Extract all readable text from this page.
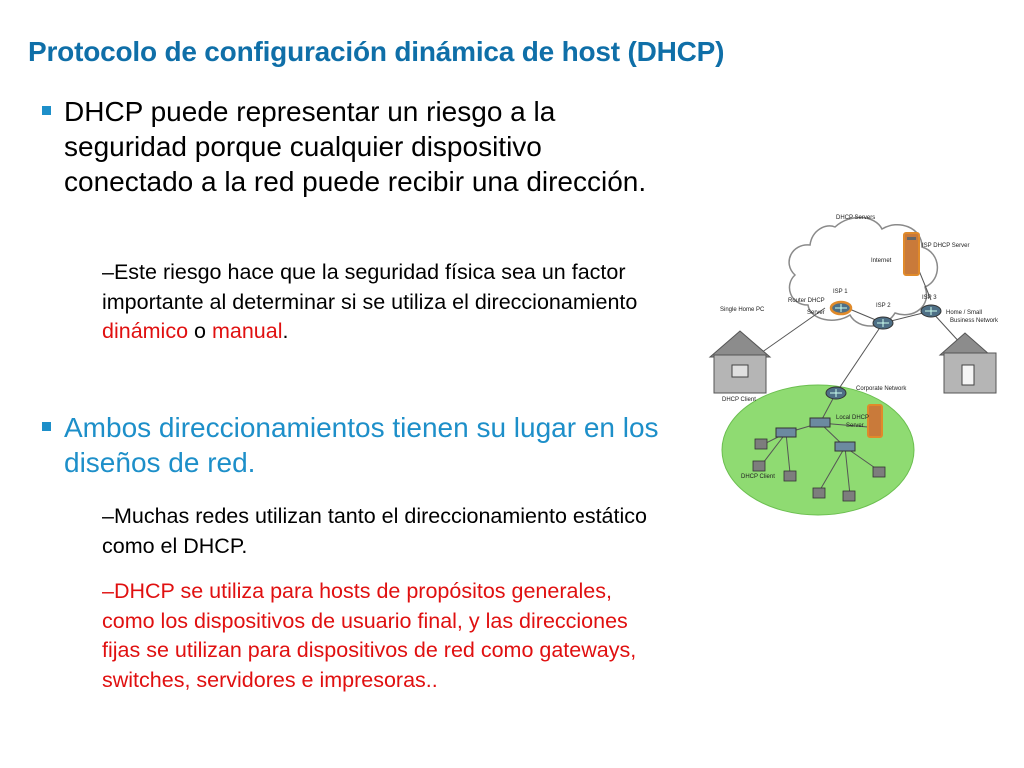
Protocolo de configuración dinámica de host (DHCP)
DHCP puede representar un riesgo a la seguridad porque cualquier dispositivo conectado a la red puede recibir una dirección.
–Este riesgo hace que la seguridad física sea un factor importante al determinar si se utiliza el direccionamiento dinámico o manual.
Ambos direccionamientos tienen su lugar en los diseños de red.
–Muchas redes utilizan tanto el direccionamiento estático como el DHCP.
–DHCP se utiliza para hosts de propósitos generales, como los dispositivos de usuario final, y las direcciones fijas se utilizan para dispositivos de red como gateways, switches, servidores e impresoras..
DHCP Servers
Internet
ISP DHCP Server
ISP 1
ISP 2
ISP 3
Router DHCP
Server
Single Home PC	Home / Small
Business Network
DHCP Client
Corporate Network
Local DHCP
Server
DHCP Client
